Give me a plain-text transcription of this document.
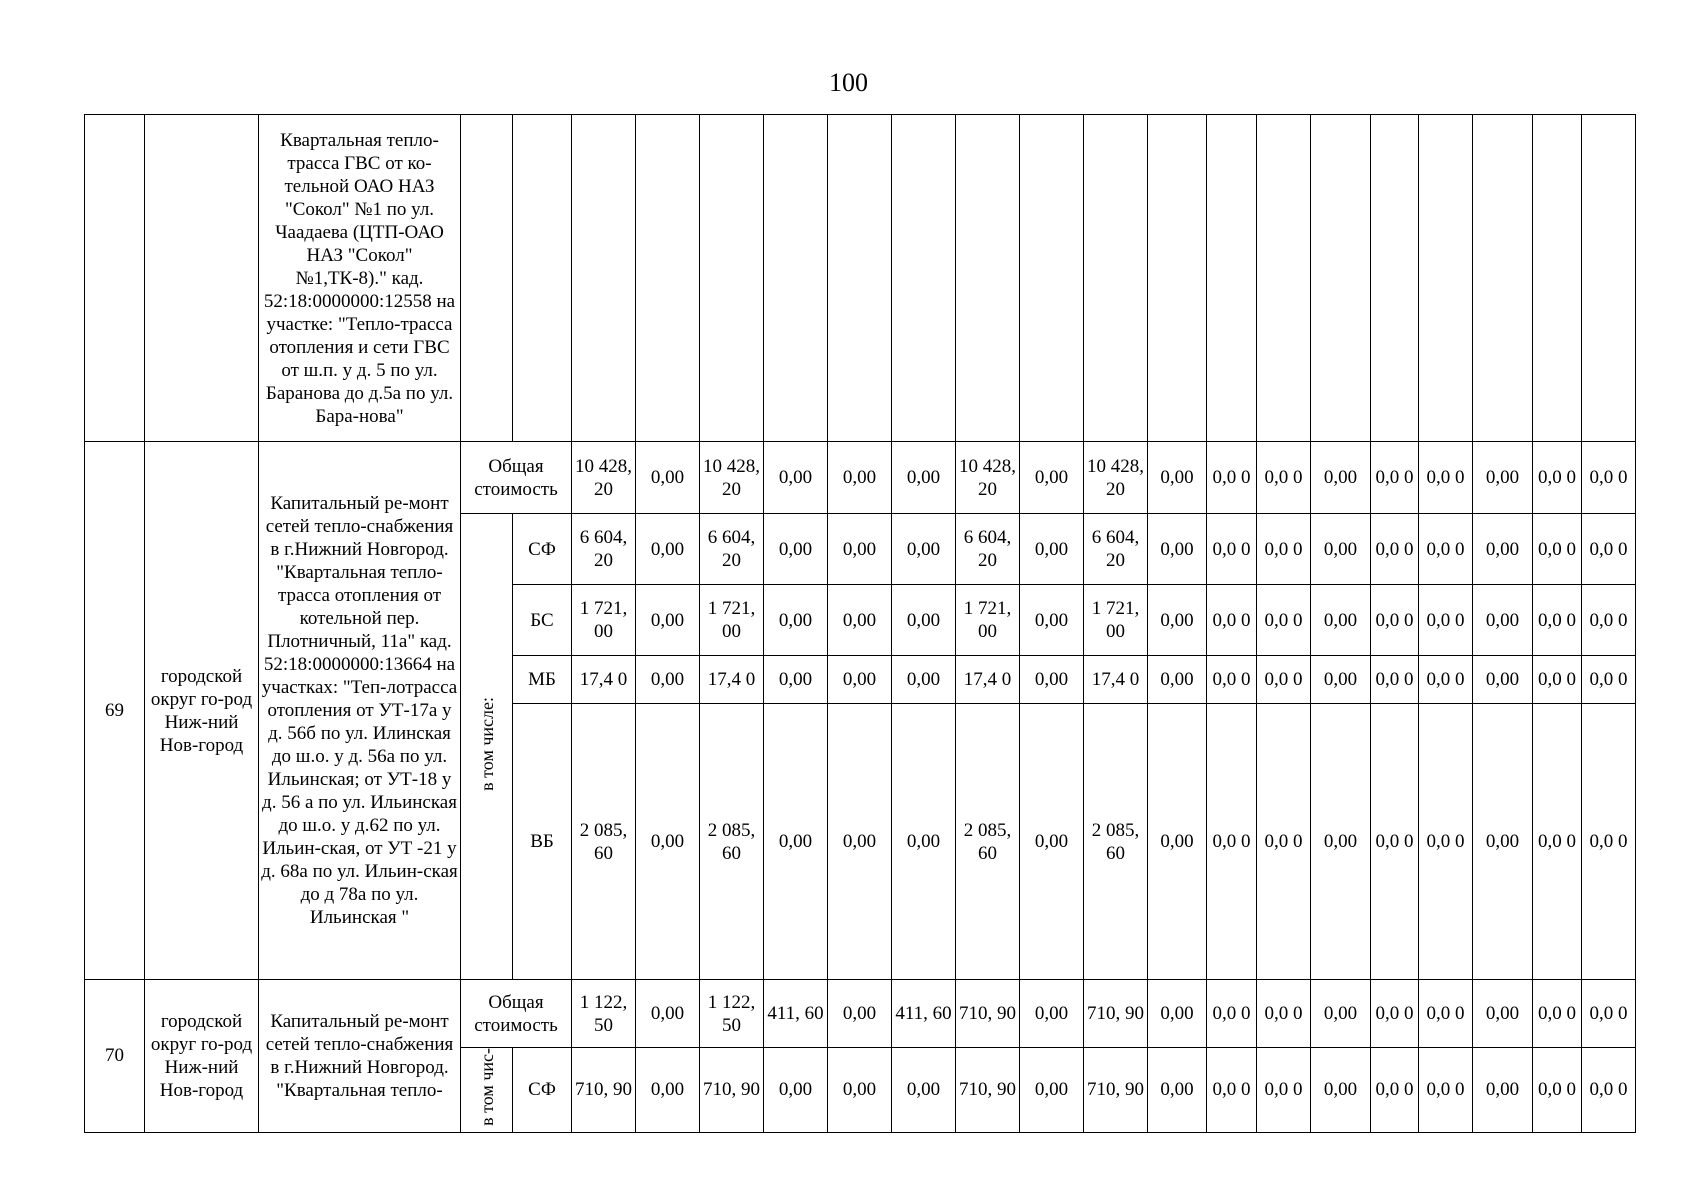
100
		Квартальная тепло-трасса ГВС от ко-тельной ОАО НАЗ "Сокол" №1 по ул. Чаадаева (ЦТП-ОАО НАЗ "Сокол" №1,ТК-8)." кад. 52:18:0000000:12558 на участке: "Тепло-трасса отопления и сети ГВС от ш.п. у д. 5 по ул. Баранова до д.5а по ул. Бара-нова"																				
69	городской округ го-род Ниж-ний Нов-город	Капитальный ре-монт сетей тепло-снабжения в г.Нижний Новгород. "Квартальная тепло-трасса отопления от котельной пер. Плотничный, 11а" кад. 52:18:0000000:13664 на участках: "Теп-лотрасса отопления от УТ-17а у д. 56б по ул. Илинская до ш.о. у д. 56а по ул. Ильинская; от УТ-18 у д. 56 а по ул. Ильинская до ш.о. у д.62 по ул. Ильин-ская, от УТ -21 у д. 68а по ул. Ильин-ская до д 78а по ул. Ильинская "	Общая стоимость		10 428, 20	0,00	10 428, 20	0,00	0,00	0,00	10 428, 20	0,00	10 428, 20	0,00	0,0 0	0,0 0	0,00	0,0 0	0,0 0	0,00	0,0 0	0,0 0
			в том числе:	СФ	6 604, 20	0,00	6 604, 20	0,00	0,00	0,00	6 604, 20	0,00	6 604, 20	0,00	0,0 0	0,0 0	0,00	0,0 0	0,0 0	0,00	0,0 0	0,0 0
				БС	1 721, 00	0,00	1 721, 00	0,00	0,00	0,00	1 721, 00	0,00	1 721, 00	0,00	0,0 0	0,0 0	0,00	0,0 0	0,0 0	0,00	0,0 0	0,0 0
				МБ	17,4 0	0,00	17,4 0	0,00	0,00	0,00	17,4 0	0,00	17,4 0	0,00	0,0 0	0,0 0	0,00	0,0 0	0,0 0	0,00	0,0 0	0,0 0
				ВБ	2 085, 60	0,00	2 085, 60	0,00	0,00	0,00	2 085, 60	0,00	2 085, 60	0,00	0,0 0	0,0 0	0,00	0,0 0	0,0 0	0,00	0,0 0	0,0 0
70	городской округ го-род Ниж-ний Нов-город	Капитальный ре-монт сетей тепло-снабжения в г.Нижний Новгород. "Квартальная тепло-	Общая стоимость		1 122, 50	0,00	1 122, 50	411, 60	0,00	411, 60	710, 90	0,00	710, 90	0,00	0,0 0	0,0 0	0,00	0,0 0	0,0 0	0,00	0,0 0	0,0 0
			в том чис-	СФ	710, 90	0,00	710, 90	0,00	0,00	0,00	710, 90	0,00	710, 90	0,00	0,0 0	0,0 0	0,00	0,0 0	0,0 0	0,00	0,0 0	0,0 0
